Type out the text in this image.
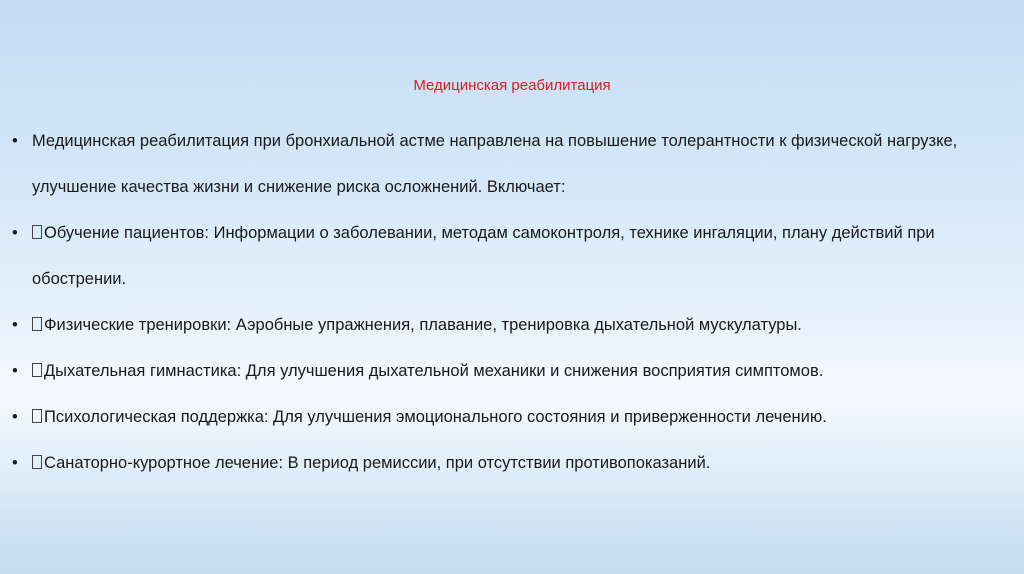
Медицинская реабилитация
• Медицинская реабилитация при бронхиальной астме направлена на повышение толерантности к физической нагрузке, улучшение качества жизни и снижение риска осложнений. Включает:
•	Обучение пациентов: Информации о заболевании, методам самоконтроля, технике ингаляции, плану действий при обострении.
•	Физические тренировки: Аэробные упражнения, плавание, тренировка дыхательной мускулатуры.
•	Дыхательная гимнастика: Для улучшения дыхательной механики и снижения восприятия симптомов.
•	Психологическая поддержка: Для улучшения эмоционального состояния и приверженности лечению.
•	Санаторно-курортное лечение: В период ремиссии, при отсутствии противопоказаний.
